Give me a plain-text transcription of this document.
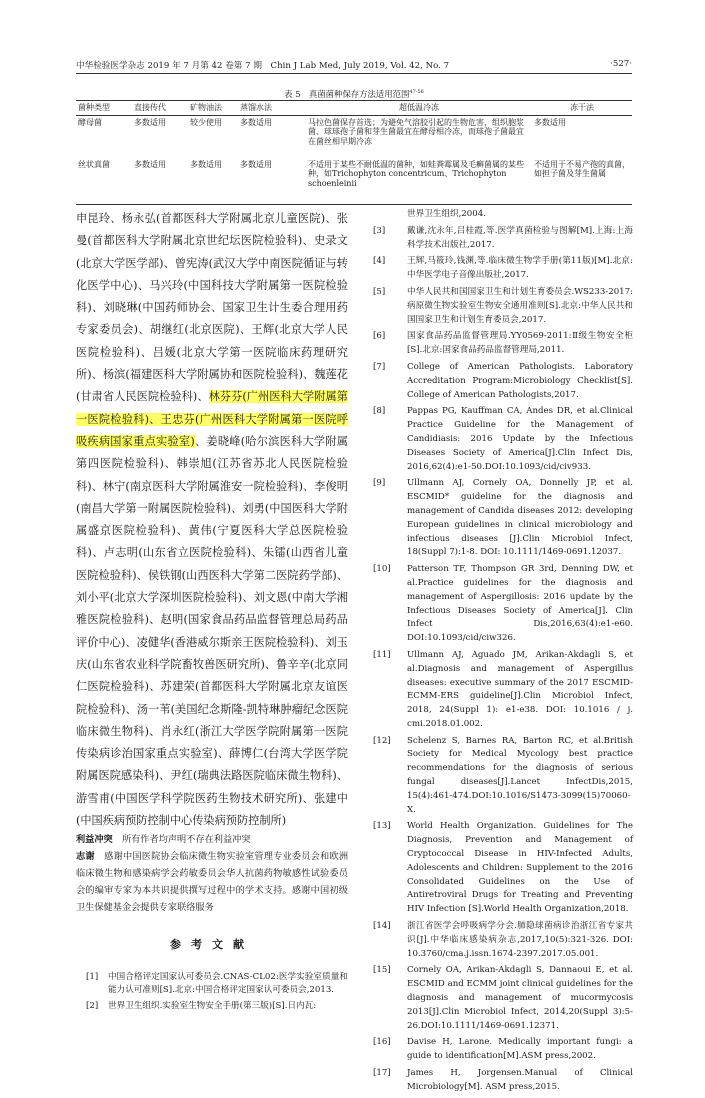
中华检验医学杂志 2019 年 7 月第 42 卷第 7 期　Chin J Lab Med, July 2019, Vol. 42, No. 7	·527·
表 5　真菌菌种保存方法适用范围$^{47-56}$
菌种类型	直接传代	矿物油法	蒸馏水法	超低温冷冻	冻干法
酵母菌	多数适用	较少使用	多数适用	马拉色菌保存首选；为避免气溶胶引起的生物危害，组织胞浆菌、球球孢子菌和芽生菌最宜在酵母相冷冻，而球孢子菌最宜在菌丝相早期冷冻	多数适用
丝状真菌	多数适用	多数适用	多数适用	不适用于某些不耐低温的菌种，如蛙粪霉属及毛癣菌属的某些种，如Trichophyton concentricum、Trichophyton schoenleinii	不适用于不易产孢的真菌，如担子菌及芽生菌属
申昆玲、杨永弘(首都医科大学附属北京儿童医院)、张曼(首都医科大学附属北京世纪坛医院检验科)、史录文(北京大学医学部)、曾宪涛(武汉大学中南医院循证与转化医学中心)、马兴玲(中国科技大学附属第一医院检验科)、刘晓琳(中国药师协会、国家卫生计生委合理用药专家委员会)、胡继红(北京医院)、王辉(北京大学人民医院检验科)、吕媛(北京大学第一医院临床药理研究所)、杨滨(福建医科大学附属协和医院检验科)、魏莲花(甘肃省人民医院检验科)、林芬芬(广州医科大学附属第一医院检验科)、王忠芬(广州医科大学附属第一医院呼吸疾病国家重点实验室)、姜晓峰(哈尔滨医科大学附属第四医院检验科)、韩崇旭(江苏省苏北人民医院检验科)、林宁(南京医科大学附属淮安一院检验科)、李俊明(南昌大学第一附属医院检验科)、刘勇(中国医科大学附属盛京医院检验科)、黄伟(宁夏医科大学总医院检验科)、卢志明(山东省立医院检验科)、朱镭(山西省儿童医院检验科)、侯铁钢(山西医科大学第二医院药学部)、刘小平(北京大学深圳医院检验科)、刘文恩(中南大学湘雅医院检验科)、赵明(国家食品药品监督管理总局药品评价中心)、凌健华(香港威尔斯亲王医院检验科)、刘玉庆(山东省农业科学院畜牧兽医研究所)、鲁辛辛(北京同仁医院检验科)、苏建荣(首都医科大学附属北京友谊医院检验科)、汤一苇(美国纪念斯隆-凯特琳肿瘤纪念医院临床微生物科)、肖永红(浙江大学医学院附属第一医院传染病诊治国家重点实验室)、薛博仁(台湾大学医学院附属医院感染科)、尹红(瑞典法路医院临床微生物科)、游雪甫(中国医学科学院医药生物技术研究所)、张建中(中国疾病预防控制中心传染病预防控制所)
利益冲突　 所有作者均声明不存在利益冲突
志谢　 感谢中国医院协会临床微生物实验室管理专业委员会和欧洲临床微生物和感染病学会药敏委员会华人抗菌药物敏感性试验委员会的编审专家为本共识提供撰写过程中的学术支持。感谢中国初级卫生保健基金会提供专家联络服务
参考文献
[1]	中国合格评定国家认可委员会.CNAS-CL02:医学实验室质量和能力认可准则[S].北京:中国合格评定国家认可委员会,2013.
[2]	世界卫生组织.实验室生物安全手册(第三版)[S].日内瓦:
世界卫生组织,2004.
[3]	戴谦,沈永年,吕桂霞,等.医学真菌检验与图解[M].上海:上海科学技术出版社,2017.
[4]	王辉,马筱玲,钱渊,等.临床微生物学手册(第11版)[M].北京:中华医学电子音像出版社,2017.
[5]	中华人民共和国国家卫生和计划生育委员会.WS233-2017:病原微生物实验室生物安全通用准则[S].北京:中华人民共和国国家卫生和计划生育委员会,2017.
[6]	国家食品药品监督管理局.YY0569-2011:Ⅱ级生物安全柜[S].北京:国家食品药品监督管理局,2011.
[7]	College of American Pathologists. Laboratory Accreditation Program:Microbiology Checklist[S]. College of American Pathologists,2017.
[8]	Pappas PG, Kauffman CA, Andes DR, et al.Clinical Practice Guideline for the Management of Candidiasis: 2016 Update by the Infectious Diseases Society of America[J].Clin Infect Dis, 2016,62(4):e1-50.DOI:10.1093/cid/civ933.
[9]	Ullmann AJ, Cornely OA, Donnelly JP, et al. ESCMID* guideline for the diagnosis and management of Candida diseases 2012: developing European guidelines in clinical microbiology and infectious diseases [J].Clin Microbiol Infect, 18(Suppl 7):1-8. DOI: 10.1111/1469-0691.12037.
[10]	Patterson TF, Thompson GR 3rd, Denning DW, et al.Practice guidelines for the diagnosis and management of Aspergillosis: 2016 update by the Infectious Diseases Society of America[J]. Clin Infect Dis,2016,63(4):e1-e60. DOI:10.1093/cid/ciw326.
[11]	Ullmann AJ, Aguado JM, Arikan-Akdagli S, et al.Diagnosis and management of Aspergillus diseases: executive summary of the 2017 ESCMID-ECMM-ERS guideline[J].Clin Microbiol Infect, 2018, 24(Suppl 1): e1-e38. DOI: 10.1016 / j. cmi.2018.01.002.
[12]	Schelenz S, Barnes RA, Barton RC, et al.British Society for Medical Mycology best practice recommendations for the diagnosis of serious fungal diseases[J].Lancet InfectDis,2015, 15(4):461-474.DOI:10.1016/S1473-3099(15)70060-X.
[13]	World Health Organization. Guidelines for The Diagnosis, Prevention and Management of Cryptococcal Disease in HIV-Infected Adults, Adolescents and Children: Supplement to the 2016 Consolidated Guidelines on the Use of Antiretroviral Drugs for Treating and Preventing HIV Infection [S].World Health Organization,2018.
[14]	浙江省医学会呼吸病学分会.肺隐球菌病诊治浙江省专家共识[J].中华临床感染病杂志,2017,10(5):321-326. DOI: 10.3760/cma.j.issn.1674-2397.2017.05.001.
[15]	Cornely OA, Arikan-Akdagli S, Dannaoui E, et al. ESCMID and ECMM joint clinical guidelines for the diagnosis and management of mucormycosis 2013[J].Clin Microbiol Infect, 2014,20(Suppl 3):5-26.DOI:10.1111/1469-0691.12371.
[16]	Davise H, Larone. Medically important fungi: a guide to identification[M].ASM press,2002.
[17]	James H, Jorgensen.Manual of Clinical Microbiology[M]. ASM press,2015.
